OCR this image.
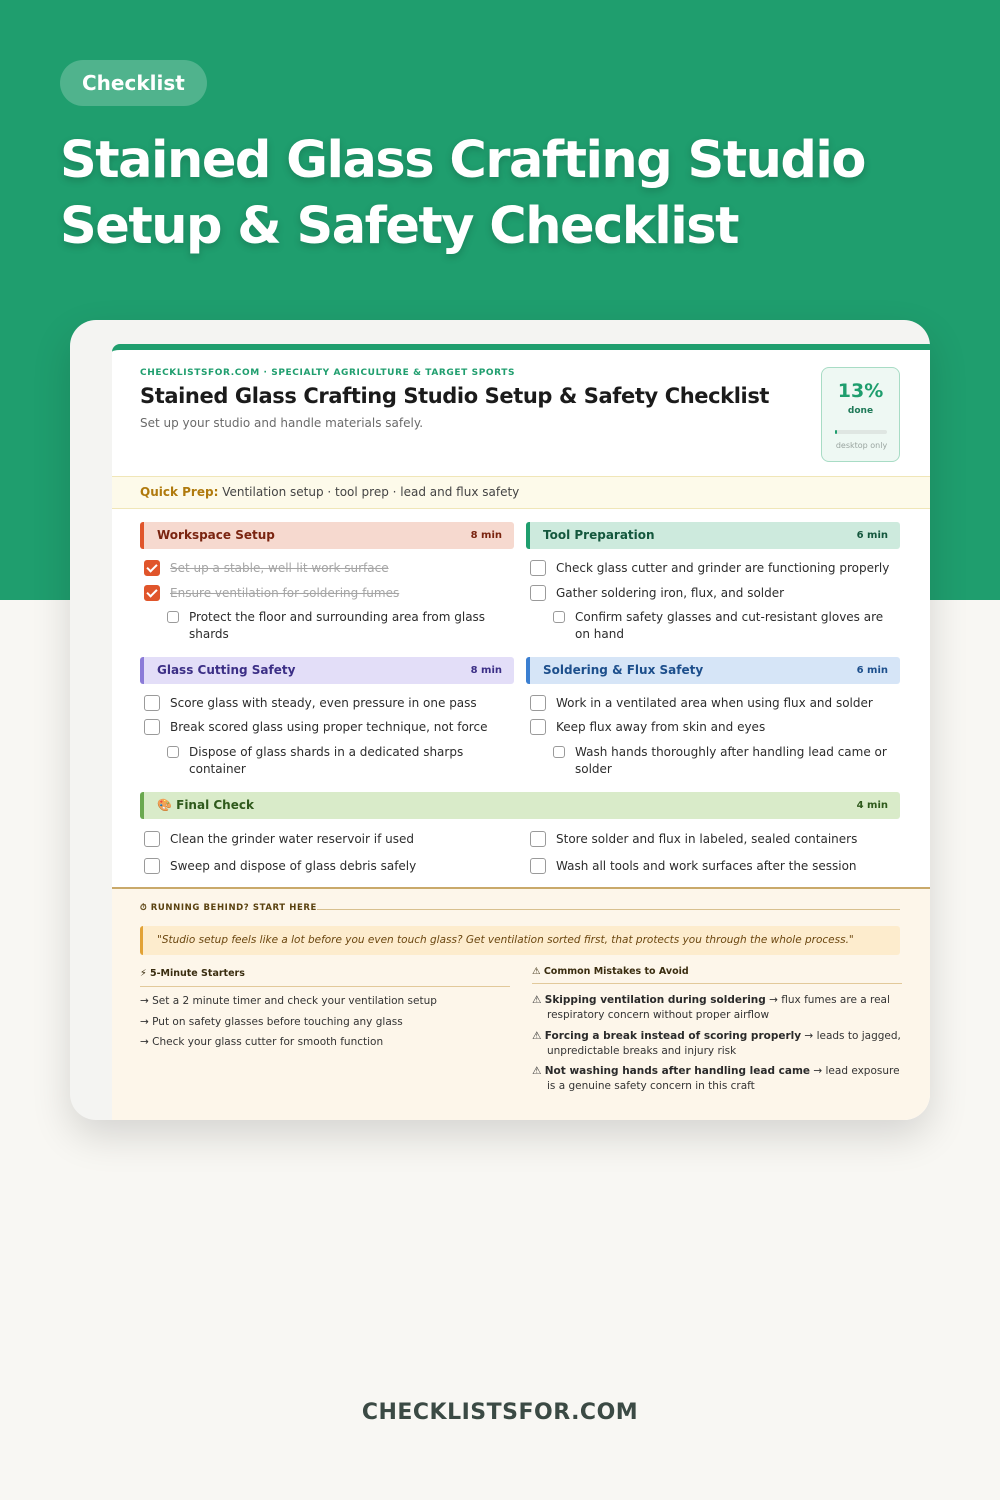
Checklist
Stained Glass Crafting Studio
Setup & Safety Checklist
CHECKLISTSFOR.COM · SPECIALTY AGRICULTURE & TARGET SPORTS
Stained Glass Crafting Studio Setup & Safety Checklist
Set up your studio and handle materials safely.
13%
done
desktop only
Quick Prep: Ventilation setup · tool prep · lead and flux safety
Workspace Setup	8 min
Set up a stable, well-lit work surface
Ensure ventilation for soldering fumes
Protect the floor and surrounding area from glass
shards
Tool Preparation	6 min
Check glass cutter and grinder are functioning properly
Gather soldering iron, flux, and solder
Confirm safety glasses and cut-resistant gloves are
on hand
Glass Cutting Safety	8 min
Score glass with steady, even pressure in one pass
Break scored glass using proper technique, not force
Dispose of glass shards in a dedicated sharps
container
Soldering & Flux Safety	6 min
Work in a ventilated area when using flux and solder
Keep flux away from skin and eyes
Wash hands thoroughly after handling lead came or
solder
🎨 Final Check	4 min
Clean the grinder water reservoir if used
Sweep and dispose of glass debris safely
Store solder and flux in labeled, sealed containers
Wash all tools and work surfaces after the session
⏱ RUNNING BEHIND? START HERE
"Studio setup feels like a lot before you even touch glass? Get ventilation sorted first, that protects you through the whole process."
⚡ 5-Minute Starters
→ Set a 2 minute timer and check your ventilation setup
→ Put on safety glasses before touching any glass
→ Check your glass cutter for smooth function
⚠ Common Mistakes to Avoid
⚠ Skipping ventilation during soldering → flux fumes are a real
respiratory concern without proper airflow
⚠ Forcing a break instead of scoring properly → leads to jagged,
unpredictable breaks and injury risk
⚠ Not washing hands after handling lead came → lead exposure
is a genuine safety concern in this craft
CHECKLISTSFOR.COM
